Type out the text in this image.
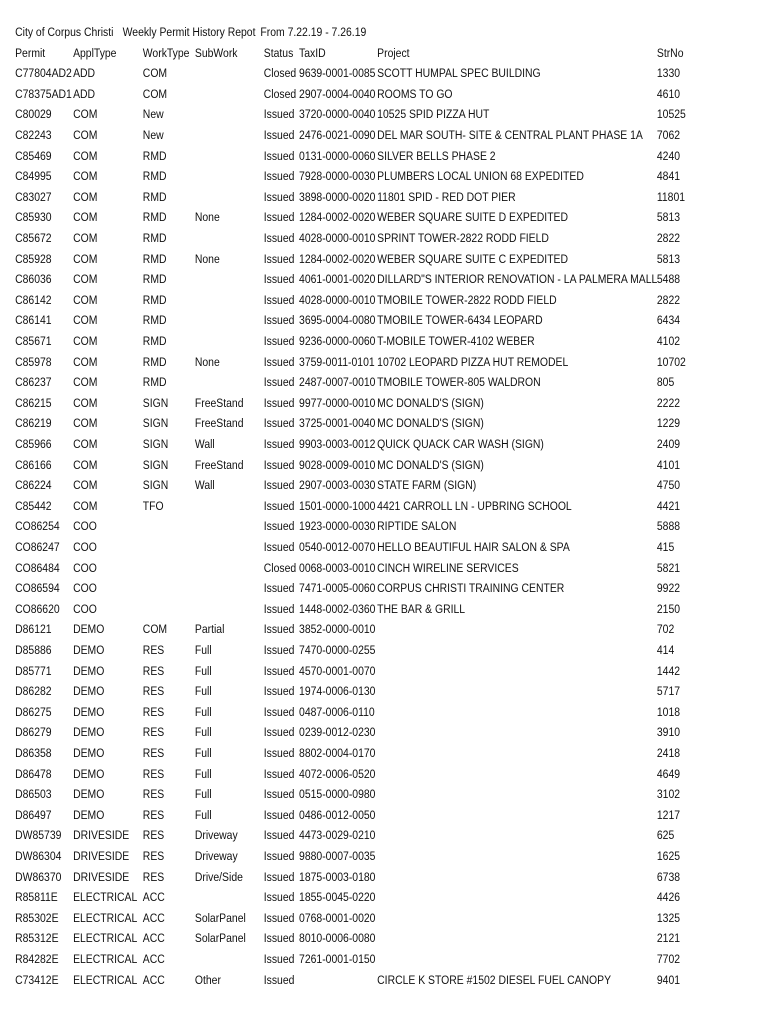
City of Corpus Christi Weekly Permit History Repot From 7.22.19 - 7.26.19
Permit ApplType WorkType SubWork Status TaxID	Project	StrNo
C77804AD2 ADD	COM	Closed 9639-0001-0085 SCOTT HUMPAL SPEC BUILDING	1330
C78375AD1 ADD	COM	Closed 2907-0004-0040 ROOMS TO GO	4610
C80029 COM	New	Issued 3720-0000-0040 10525 SPID PIZZA HUT	10525
C82243 COM	New	Issued 2476-0021-0090 DEL MAR SOUTH- SITE & CENTRAL PLANT PHASE 1A 7062
C85469 COM	RMD	Issued 0131-0000-0060 SILVER BELLS PHASE 2	4240
C84995 COM	RMD	Issued 7928-0000-0030 PLUMBERS LOCAL UNION 68 EXPEDITED	4841
C83027 COM	RMD	Issued 3898-0000-0020 11801 SPID - RED DOT PIER	11801
C85930 COM	RMD None	Issued 1284-0002-0020 WEBER SQUARE SUITE D EXPEDITED	5813
C85672 COM	RMD	Issued 4028-0000-0010 SPRINT TOWER-2822 RODD FIELD	2822
C85928 COM	RMD None	Issued 1284-0002-0020 WEBER SQUARE SUITE C EXPEDITED	5813
C86036 COM	RMD	Issued 4061-0001-0020 DILLARD"S INTERIOR RENOVATION - LA PALMERA MALL 5488
C86142 COM	RMD	Issued 4028-0000-0010 TMOBILE TOWER-2822 RODD FIELD	2822
C86141 COM	RMD	Issued 3695-0004-0080 TMOBILE TOWER-6434 LEOPARD	6434
C85671 COM	RMD	Issued 9236-0000-0060 T-MOBILE TOWER-4102 WEBER	4102
C85978 COM	RMD None	Issued 3759-0011-0101 10702 LEOPARD PIZZA HUT REMODEL	10702
C86237 COM	RMD	Issued 2487-0007-0010 TMOBILE TOWER-805 WALDRON	805
C86215 COM	SIGN FreeStand Issued 9977-0000-0010 MC DONALD'S (SIGN)	2222
C86219 COM	SIGN FreeStand Issued 3725-0001-0040 MC DONALD'S (SIGN)	1229
C85966 COM	SIGN Wall	Issued 9903-0003-0012 QUICK QUACK CAR WASH (SIGN)	2409
C86166 COM	SIGN FreeStand Issued 9028-0009-0010 MC DONALD'S (SIGN)	4101
C86224 COM	SIGN Wall	Issued 2907-0003-0030 STATE FARM (SIGN)	4750
C85442 COM	TFO	Issued 1501-0000-1000 4421 CARROLL LN - UPBRING SCHOOL	4421
CO86254 COO	Issued 1923-0000-0030 RIPTIDE SALON	5888
CO86247 COO	Issued 0540-0012-0070 HELLO BEAUTIFUL HAIR SALON & SPA	415
CO86484 COO	Closed 0068-0003-0010 CINCH WIRELINE SERVICES	5821
CO86594 COO	Issued 7471-0005-0060 CORPUS CHRISTI TRAINING CENTER	9922
CO86620 COO	Issued 1448-0002-0360 THE BAR & GRILL	2150
D86121 DEMO	COM Partial	Issued 3852-0000-0010	702
D85886 DEMO	RES Full	Issued 7470-0000-0255	414
D85771 DEMO	RES Full	Issued 4570-0001-0070	1442
D86282 DEMO	RES Full	Issued 1974-0006-0130	5717
D86275 DEMO	RES Full	Issued 0487-0006-0110	1018
D86279 DEMO	RES Full	Issued 0239-0012-0230	3910
D86358 DEMO	RES Full	Issued 8802-0004-0170	2418
D86478 DEMO	RES Full	Issued 4072-0006-0520	4649
D86503 DEMO	RES Full	Issued 0515-0000-0980	3102
D86497 DEMO	RES Full	Issued 0486-0012-0050	1217
DW85739 DRIVESIDE RES Driveway Issued 4473-0029-0210	625
DW86304 DRIVESIDE RES Driveway Issued 9880-0007-0035	1625
DW86370 DRIVESIDE RES Drive/Side Issued 1875-0003-0180	6738
R85811E ELECTRICAL ACC	Issued 1855-0045-0220	4426
R85302E ELECTRICAL ACC SolarPanel Issued 0768-0001-0020	1325
R85312E ELECTRICAL ACC SolarPanel Issued 8010-0006-0080	2121
R84282E ELECTRICAL ACC	Issued 7261-0001-0150	7702
C73412E ELECTRICAL ACC Other	Issued	CIRCLE K STORE #1502 DIESEL FUEL CANOPY	9401
